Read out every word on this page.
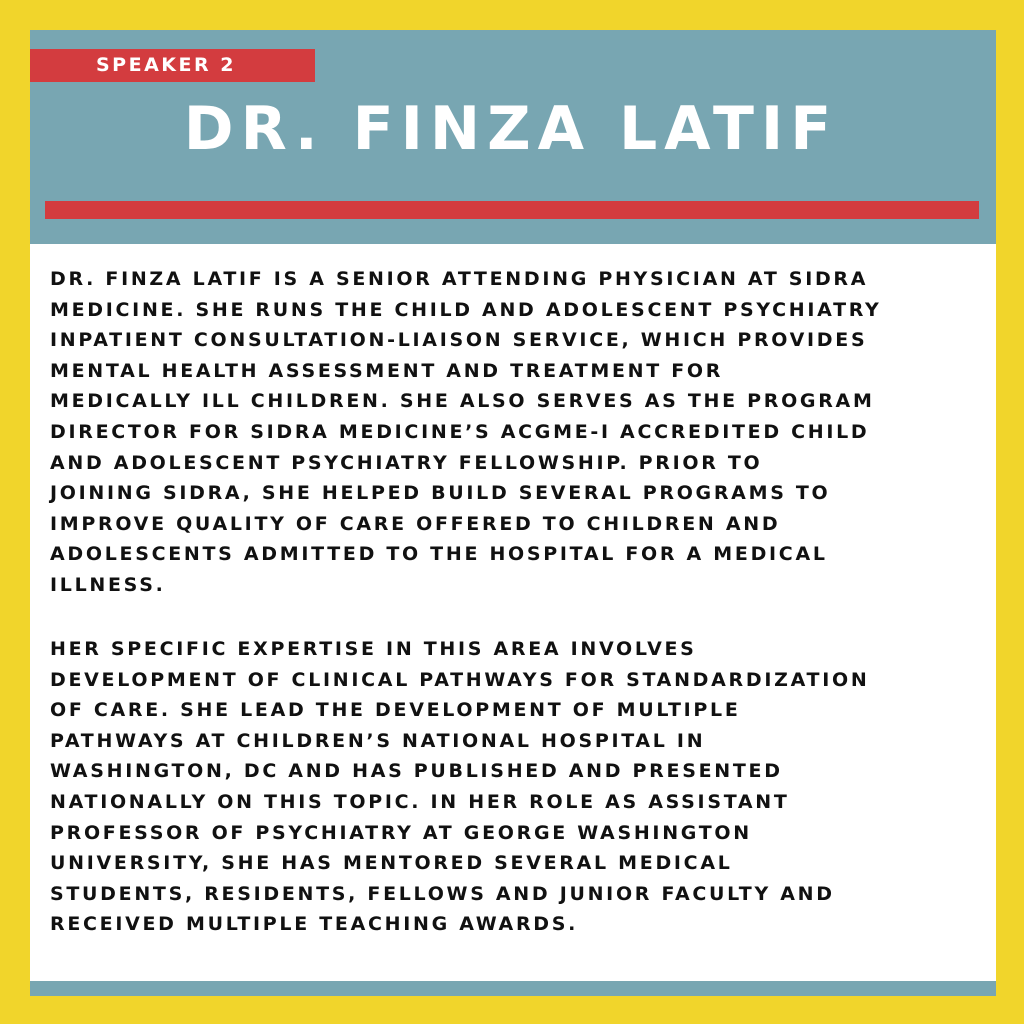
SPEAKER 2

DR. FINZA LATIF IS A SENIOR ATTENDING PHYSICIAN AT SIDRA
MEDICINE. SHE RUNS THE CHILD AND ADOLESCENT PSYCHIATRY
INPATIENT CONSULTATION-LIAISON SERVICE, WHICH PROVIDES
MENTAL HEALTH ASSESSMENT AND TREATMENT FOR
MEDICALLY ILL CHILDREN. SHE ALSO SERVES AS THE PROGRAM
DIRECTOR FOR SIDRA MEDICINE’S ACGME-I ACCREDITED CHILD
AND ADOLESCENT PSYCHIATRY FELLOWSHIP. PRIOR TO
JOINING SIDRA, SHE HELPED BUILD SEVERAL PROGRAMS TO
IMPROVE QUALITY OF CARE OFFERED TO CHILDREN AND
ADOLESCENTS ADMITTED TO THE HOSPITAL FOR A MEDICAL
ILLNESS.

HER SPECIFIC EXPERTISE IN THIS AREA INVOLVES
DEVELOPMENT OF CLINICAL PATHWAYS FOR STANDARDIZATION
OF CARE. SHE LEAD THE DEVELOPMENT OF MULTIPLE
PATHWAYS AT CHILDREN’S NATIONAL HOSPITAL IN
WASHINGTON, DC AND HAS PUBLISHED AND PRESENTED
NATIONALLY ON THIS TOPIC. IN HER ROLE AS ASSISTANT
PROFESSOR OF PSYCHIATRY AT GEORGE WASHINGTON
UNIVERSITY, SHE HAS MENTORED SEVERAL MEDICAL
STUDENTS, RESIDENTS, FELLOWS AND JUNIOR FACULTY AND
RECEIVED MULTIPLE TEACHING AWARDS.

DR. FINZA LATIF
